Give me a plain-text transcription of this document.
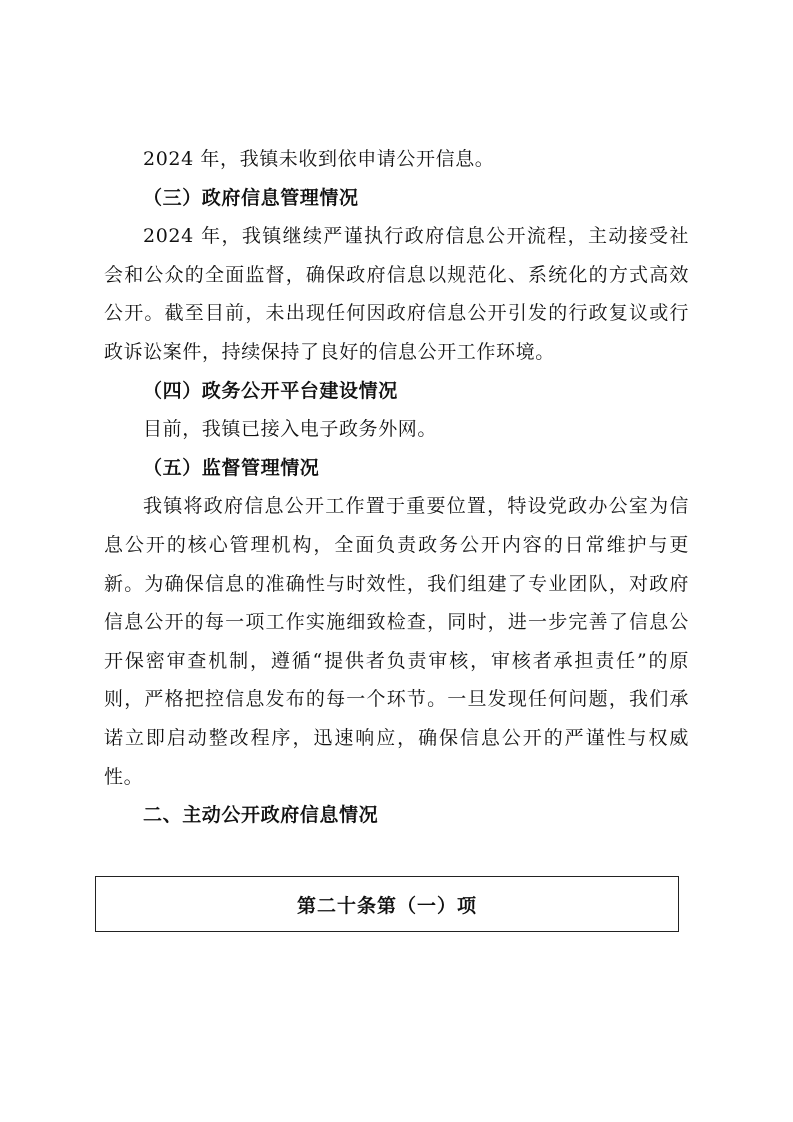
2024 年，我镇未收到依申请公开信息。

（三）政府信息管理情况

2024 年，我镇继续严谨执行政府信息公开流程，主动接受社会和公众的全面监督，确保政府信息以规范化、系统化的方式高效公开。截至目前，未出现任何因政府信息公开引发的行政复议或行政诉讼案件，持续保持了良好的信息公开工作环境。

（四）政务公开平台建设情况

目前，我镇已接入电子政务外网。

（五）监督管理情况

我镇将政府信息公开工作置于重要位置，特设党政办公室为信息公开的核心管理机构，全面负责政务公开内容的日常维护与更新。为确保信息的准确性与时效性，我们组建了专业团队，对政府信息公开的每一项工作实施细致检查，同时，进一步完善了信息公开保密审查机制，遵循“提供者负责审核，审核者承担责任”的原则，严格把控信息发布的每一个环节。一旦发现任何问题，我们承诺立即启动整改程序，迅速响应，确保信息公开的严谨性与权威性。

二、主动公开政府信息情况

第二十条第（一）项
